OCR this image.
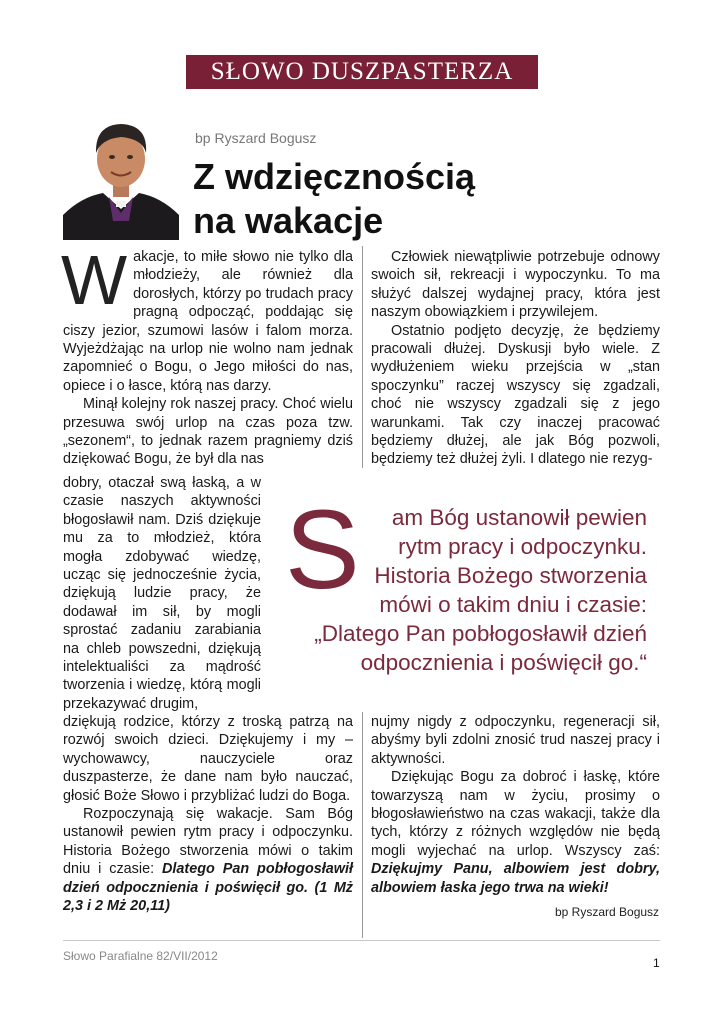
SŁOWO DUSZPASTERZA
bp Ryszard Bogusz
Z wdzięcznością
na wakacje

Wakacje, to miłe słowo nie tylko dla młodzieży, ale również dla dorosłych, którzy po trudach pracy pragną odpocząć, poddając się ciszy jezior, szumowi lasów i falom morza. Wyjeżdżając na urlop nie wolno nam jednak zapomnieć o Bogu, o Jego miłości do nas, opiece i o łasce, którą nas darzy.

Minął kolejny rok naszej pracy. Choć wielu przesuwa swój urlop na czas poza tzw. „sezonem“, to jednak razem pragniemy dziś dziękować Bogu, że był dla nas

dobry, otaczał swą łaską, a w czasie naszych aktywności błogosławił nam. Dziś dziękuje mu za to młodzież, która mogła zdobywać wiedzę, ucząc się jednocześnie życia, dziękują ludzie pracy, że dodawał im sił, by mogli sprostać zadaniu zarabiania na chleb powszedni, dziękują intelektualiści za mądrość tworzenia i wiedzę, którą mogli przekazywać drugim,

dziękują rodzice, którzy z troską patrzą na rozwój swoich dzieci. Dziękujemy i my – wychowawcy, nauczyciele oraz duszpasterze, że dane nam było nauczać, głosić Boże Słowo i przybliżać ludzi do Boga.

Rozpoczynają się wakacje. Sam Bóg ustanowił pewien rytm pracy i odpoczynku. Historia Bożego stworzenia mówi o takim dniu i czasie: Dlatego Pan pobłogosławił dzień odpocznienia i poświęcił go. (1 Mż 2,3 i 2 Mż 20,11)

Człowiek niewątpliwie potrzebuje odnowy swoich sił, rekreacji i wypoczynku. To ma służyć dalszej wydajnej pracy, która jest naszym obowiązkiem i przywilejem.

Ostatnio podjęto decyzję, że będziemy pracowali dłużej. Dyskusji było wiele. Z wydłużeniem wieku przejścia w „stan spoczynku” raczej wszyscy się zgadzali, choć nie wszyscy zgadzali się z jego warunkami. Tak czy inaczej pracować będziemy dłużej, ale jak Bóg pozwoli, będziemy też dłużej żyli. I dlatego nie rezyg-

S am Bóg ustanowił pewien rytm pracy i odpoczynku. Historia Bożego stworzenia mówi o takim dniu i czasie: „Dlatego Pan pobłogosławił dzień odpocznienia i poświęcił go.“

nujmy nigdy z odpoczynku, regeneracji sił, abyśmy byli zdolni znosić trud naszej pracy i aktywności.

Dziękując Bogu za dobroć i łaskę, które towarzyszą nam w życiu, prosimy o błogosławieństwo na czas wakacji, także dla tych, którzy z różnych względów nie będą mogli wyjechać na urlop. Wszyscy zaś: Dziękujmy Panu, albowiem jest dobry, albowiem łaska jego trwa na wieki!

bp Ryszard Bogusz
Słowo Parafialne 82/VII/2012	1
